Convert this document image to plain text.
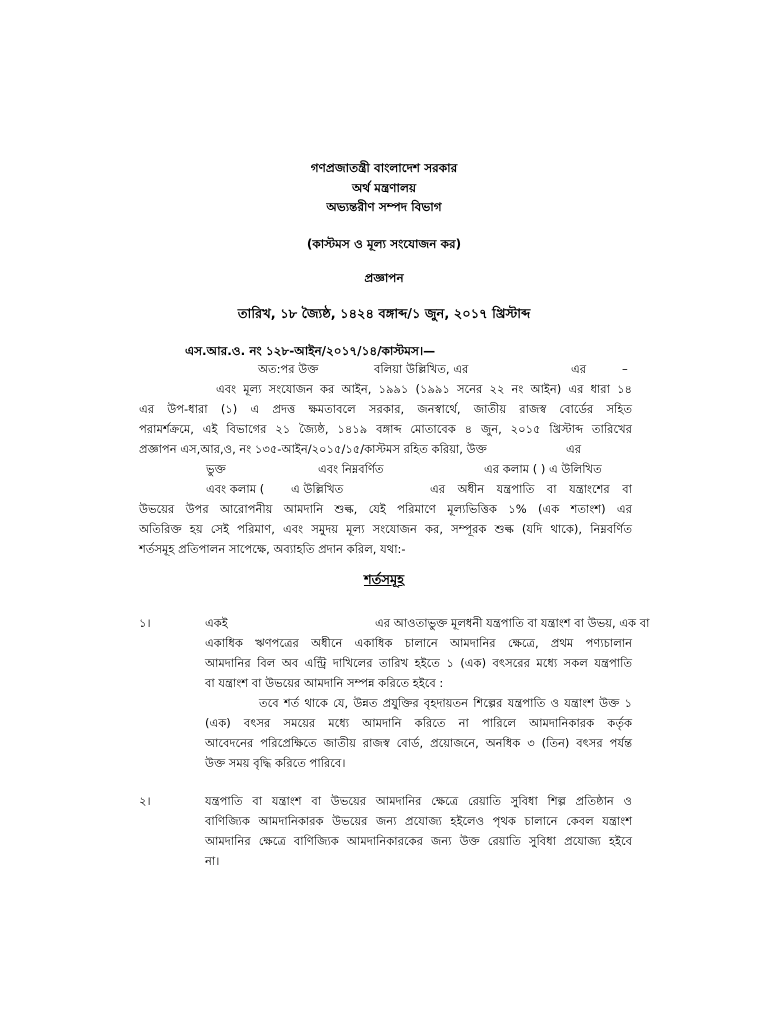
গণপ্রজাতন্ত্রী বাংলাদেশ সরকার
অর্থ মন্ত্রণালয়
অভ্যন্তরীণ সম্পদ বিভাগ
(কাস্টমস ও মূল্য সংযোজন কর)
প্রজ্ঞাপন
তারিখ, ১৮ জ্যৈষ্ঠ, ১৪২৪ বঙ্গাব্দ/১ জুন, ২০১৭ খ্রিস্টাব্দ
এস.আর.ও. নং ১২৮-আইন/২০১৭/১৪/কাস্টমস।—
অত:পর উক্ত	বলিয়া উল্লিখিত, এর	এর	–
এবং মূল্য সংযোজন কর আইন, ১৯৯১ (১৯৯১ সনের ২২ নং আইন) এর ধারা ১৪
এর উপ-ধারা (১) এ প্রদত্ত ক্ষমতাবলে সরকার, জনস্বার্থে, জাতীয় রাজস্ব বোর্ডের সহিত
পরামর্শক্রমে, এই বিভাগের ২১ জ্যৈষ্ঠ, ১৪১৯ বঙ্গাব্দ মোতাবেক ৪ জুন, ২০১৫ খ্রিস্টাব্দ তারিখের
প্রজ্ঞাপন এস,আর,ও, নং ১৩৫-আইন/২০১৫/১৫/কাস্টমস রহিত করিয়া, উক্ত	এর
ভুক্ত	এবং নিম্নবর্ণিত	এর কলাম ( ) এ উলিখিত
এবং কলাম ( এ উল্লিখিত	এর অধীন যন্ত্রপাতি বা যন্ত্রাংশের বা
উভয়ের উপর আরোপনীয় আমদানি শুল্ক, যেই পরিমাণে মূল্যভিত্তিক ১% (এক শতাংশ) এর
অতিরিক্ত হয় সেই পরিমাণ, এবং সমুদয় মূল্য সংযোজন কর, সম্পূরক শুল্ক (যদি থাকে), নিম্নবর্ণিত
শর্তসমূহ প্রতিপালন সাপেক্ষে, অব্যাহতি প্রদান করিল, যথা:-
শর্তসমূহ
১।	একই	এর আওতাভুক্ত মূলধনী যন্ত্রপাতি বা যন্ত্রাংশ বা উভয়, এক বা
একাধিক ঋণপত্রের অধীনে একাধিক চালানে আমদানির ক্ষেত্রে, প্রথম পণ্যচালান
আমদানির বিল অব এন্ট্রি দাখিলের তারিখ হইতে ১ (এক) বৎসরের মধ্যে সকল যন্ত্রপাতি
বা যন্ত্রাংশ বা উভয়ের আমদানি সম্পন্ন করিতে হইবে :
তবে শর্ত থাকে যে, উন্নত প্রযুক্তির বৃহদায়তন শিল্পের যন্ত্রপাতি ও যন্ত্রাংশ উক্ত ১
(এক) বৎসর সময়ের মধ্যে আমদানি করিতে না পারিলে আমদানিকারক কর্তৃক
আবেদনের পরিপ্রেক্ষিতে জাতীয় রাজস্ব বোর্ড, প্রয়োজনে, অনধিক ৩ (তিন) বৎসর পর্যন্ত
উক্ত সময় বৃদ্ধি করিতে পারিবে।
২।	যন্ত্রপাতি বা যন্ত্রাংশ বা উভয়ের আমদানির ক্ষেত্রে রেয়াতি সুবিধা শিল্প প্রতিষ্ঠান ও
বাণিজ্যিক আমদানিকারক উভয়ের জন্য প্রযোজ্য হইলেও পৃথক চালানে কেবল যন্ত্রাংশ
আমদানির ক্ষেত্রে বাণিজ্যিক আমদানিকারকের জন্য উক্ত রেয়াতি সুবিধা প্রযোজ্য হইবে
না।
